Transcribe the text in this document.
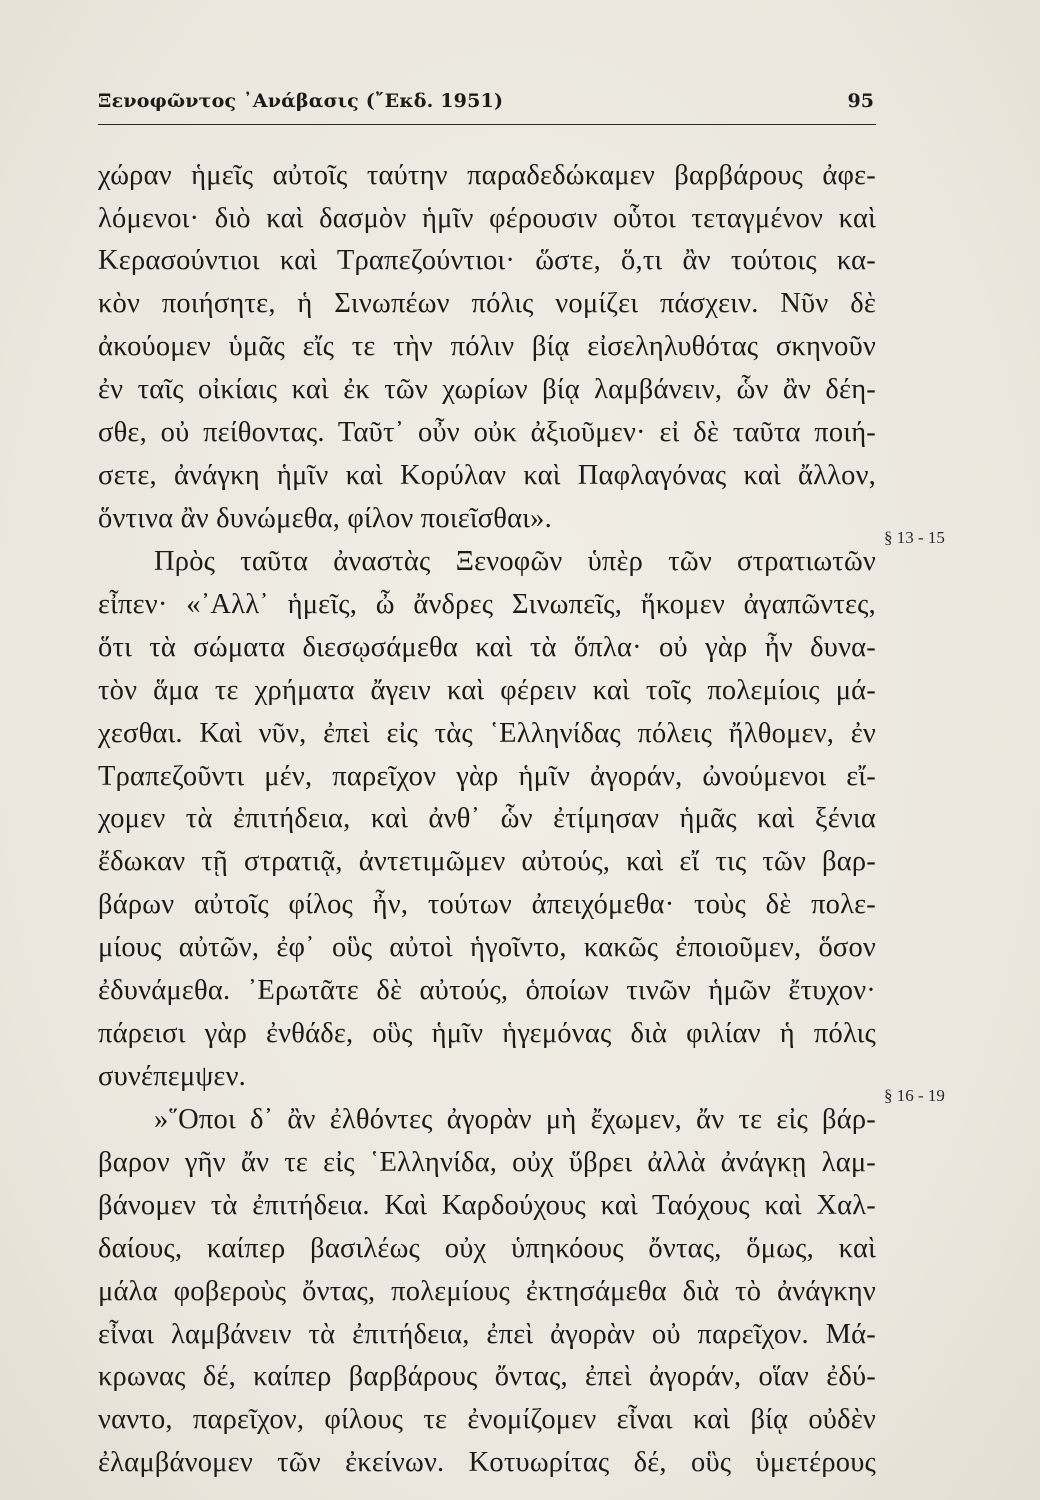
Ξενοφῶντος ᾿Ανάβασις (῎Εκδ. 1951)	95
χώραν ἡμεῖς αὐτοῖς ταύτην παραδεδώκαμεν βαρβάρους ἀφε-
λόμενοι· διὸ καὶ δασμὸν ἡμῖν φέρουσιν οὗτοι τεταγμένον καὶ
Κερασούντιοι καὶ Τραπεζούντιοι· ὥστε, ὅ,τι ἂν τούτοις κα-
κὸν ποιήσητε, ἡ Σινωπέων πόλις νομίζει πάσχειν. Νῦν δὲ
ἀκούομεν ὑμᾶς εἴς τε τὴν πόλιν βίᾳ εἰσεληλυθότας σκηνοῦν
ἐν ταῖς οἰκίαις καὶ ἐκ τῶν χωρίων βίᾳ λαμβάνειν, ὧν ἂν δέη-
σθε, οὐ πείθοντας. Ταῦτ᾿ οὖν οὐκ ἀξιοῦμεν· εἰ δὲ ταῦτα ποιή-
σετε, ἀνάγκη ἡμῖν καὶ Κορύλαν καὶ Παφλαγόνας καὶ ἄλλον,
ὅντινα ἂν δυνώμεθα, φίλον ποιεῖσθαι».
Πρὸς ταῦτα ἀναστὰς Ξενοφῶν ὑπὲρ τῶν στρατιωτῶν
εἶπεν· «᾿Αλλ᾿ ἡμεῖς, ὦ ἄνδρες Σινωπεῖς, ἥκομεν ἀγαπῶντες,
ὅτι τὰ σώματα διεσῳσάμεθα καὶ τὰ ὅπλα· οὐ γὰρ ἦν δυνα-
τὸν ἅμα τε χρήματα ἄγειν καὶ φέρειν καὶ τοῖς πολεμίοις μά-
χεσθαι. Καὶ νῦν, ἐπεὶ εἰς τὰς ῾Ελληνίδας πόλεις ἤλθομεν, ἐν
Τραπεζοῦντι μέν, παρεῖχον γὰρ ἡμῖν ἀγοράν, ὠνούμενοι εἴ-
χομεν τὰ ἐπιτήδεια, καὶ ἀνθ᾿ ὧν ἐτίμησαν ἡμᾶς καὶ ξένια
ἔδωκαν τῇ στρατιᾷ, ἀντετιμῶμεν αὐτούς, καὶ εἴ τις τῶν βαρ-
βάρων αὐτοῖς φίλος ἦν, τούτων ἀπειχόμεθα· τοὺς δὲ πολε-
μίους αὐτῶν, ἐφ᾿ οὓς αὐτοὶ ἡγοῖντο, κακῶς ἐποιοῦμεν, ὅσον
ἐδυνάμεθα. ᾿Ερωτᾶτε δὲ αὐτούς, ὁποίων τινῶν ἡμῶν ἔτυχον·
πάρεισι γὰρ ἐνθάδε, οὓς ἡμῖν ἡγεμόνας διὰ φιλίαν ἡ πόλις
συνέπεμψεν.
»῞Οποι δ᾿ ἂν ἐλθόντες ἀγορὰν μὴ ἔχωμεν, ἄν τε εἰς βάρ-
βαρον γῆν ἄν τε εἰς ῾Ελληνίδα, οὐχ ὕβρει ἀλλὰ ἀνάγκῃ λαμ-
βάνομεν τὰ ἐπιτήδεια. Καὶ Καρδούχους καὶ Ταόχους καὶ Χαλ-
δαίους, καίπερ βασιλέως οὐχ ὑπηκόους ὄντας, ὅμως, καὶ
μάλα φοβεροὺς ὄντας, πολεμίους ἐκτησάμεθα διὰ τὸ ἀνάγκην
εἶναι λαμβάνειν τὰ ἐπιτήδεια, ἐπεὶ ἀγορὰν οὐ παρεῖχον. Μά-
κρωνας δέ, καίπερ βαρβάρους ὄντας, ἐπεὶ ἀγοράν, οἵαν ἐδύ-
ναντο, παρεῖχον, φίλους τε ἐνομίζομεν εἶναι καὶ βίᾳ οὐδὲν
ἐλαμβάνομεν τῶν ἐκείνων. Κοτυωρίτας δέ, οὓς ὑμετέρους
§ 13 - 15
§ 16 - 19
